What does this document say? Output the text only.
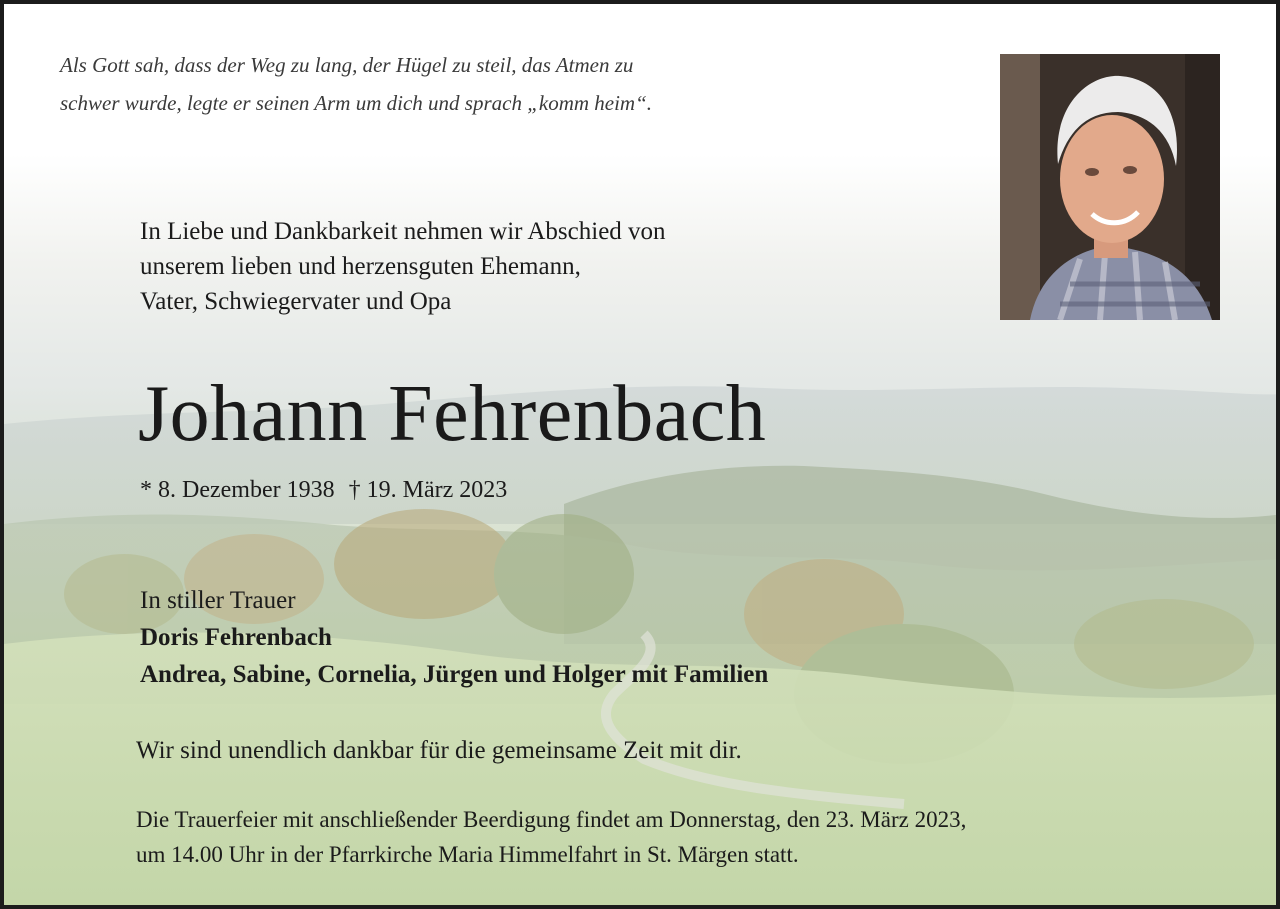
Als Gott sah, dass der Weg zu lang, der Hügel zu steil, das Atmen zu
schwer wurde, legte er seinen Arm um dich und sprach „komm heim“.

In Liebe und Dankbarkeit nehmen wir Abschied von
unserem lieben und herzensguten Ehemann,
Vater, Schwiegervater und Opa
Johann Fehrenbach
* 8. Dezember 1938 † 19. März 2023
In stiller Trauer
Doris Fehrenbach
Andrea, Sabine, Cornelia, Jürgen und Holger mit Familien
Wir sind unendlich dankbar für die gemeinsame Zeit mit dir.
Die Trauerfeier mit anschließender Beerdigung findet am Donnerstag, den 23. März 2023,
um 14.00 Uhr in der Pfarrkirche Maria Himmelfahrt in St. Märgen statt.
